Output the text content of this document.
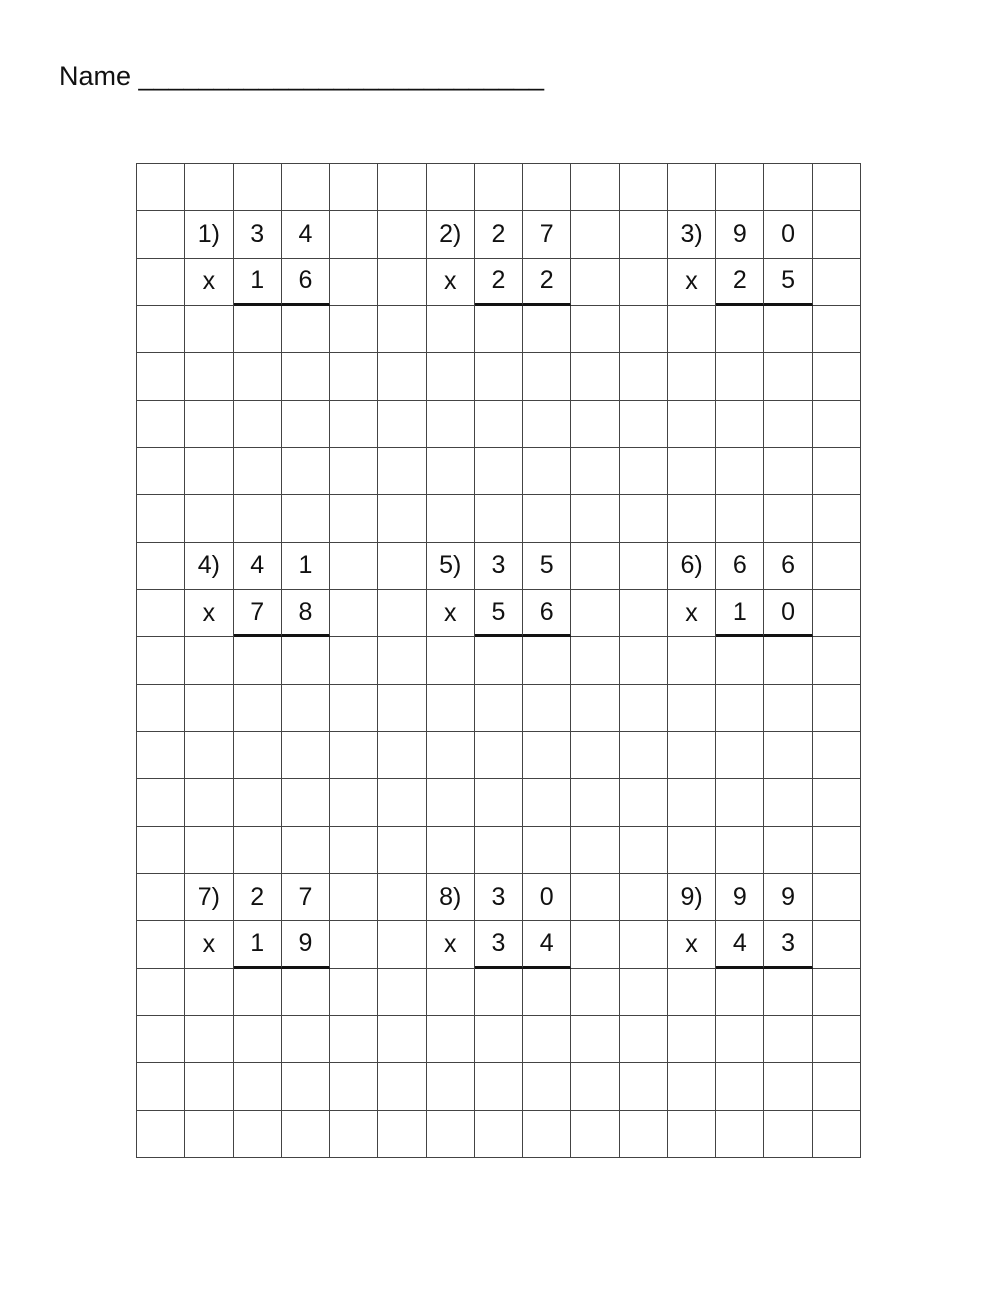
Name ___________________________
1)	3	4	2)	2	7	3)	9	0
x	1	6	x	2	2	x	2	5
4)	4	1	5)	3	5	6)	6	6
x	7	8	x	5	6	x	1	0
7)	2	7	8)	3	0	9)	9	9
x	1	9	x	3	4	x	4	3
